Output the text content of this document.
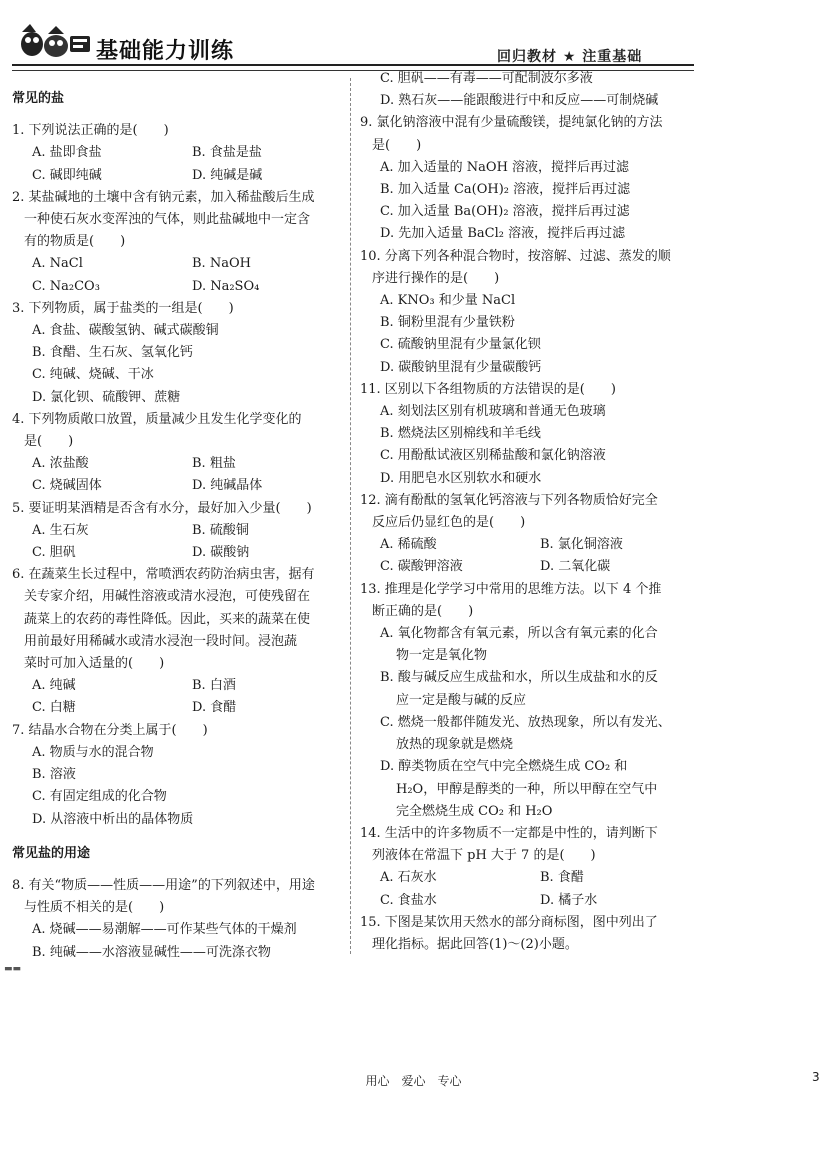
基础能力训练	回归教材 ★ 注重基础
常见的盐
1. 下列说法正确的是(　　)
A. 盐即食盐	B. 食盐是盐
C. 碱即纯碱	D. 纯碱是碱
2. 某盐碱地的土壤中含有钠元素，加入稀盐酸后生成
一种使石灰水变浑浊的气体，则此盐碱地中一定含
有的物质是(　　)
A. NaCl	B. NaOH
C. Na₂CO₃	D. Na₂SO₄
3. 下列物质，属于盐类的一组是(　　)
A. 食盐、碳酸氢钠、碱式碳酸铜
B. 食醋、生石灰、氢氧化钙
C. 纯碱、烧碱、干冰
D. 氯化钡、硫酸钾、蔗糖
4. 下列物质敞口放置，质量减少且发生化学变化的
是(　　)
A. 浓盐酸	B. 粗盐
C. 烧碱固体	D. 纯碱晶体
5. 要证明某酒精是否含有水分，最好加入少量(　　)
A. 生石灰	B. 硫酸铜
C. 胆矾	D. 碳酸钠
6. 在蔬菜生长过程中，常喷洒农药防治病虫害，据有
关专家介绍，用碱性溶液或清水浸泡，可使残留在
蔬菜上的农药的毒性降低。因此，买来的蔬菜在使
用前最好用稀碱水或清水浸泡一段时间。浸泡蔬
菜时可加入适量的(　　)
A. 纯碱	B. 白酒
C. 白糖	D. 食醋
7. 结晶水合物在分类上属于(　　)
A. 物质与水的混合物
B. 溶液
C. 有固定组成的化合物
D. 从溶液中析出的晶体物质
常见盐的用途
8. 有关“物质——性质——用途”的下列叙述中，用途
与性质不相关的是(　　)
A. 烧碱——易潮解——可作某些气体的干燥剂
B. 纯碱——水溶液显碱性——可洗涤衣物
C. 胆矾——有毒——可配制波尔多液
D. 熟石灰——能跟酸进行中和反应——可制烧碱
9. 氯化钠溶液中混有少量硫酸镁，提纯氯化钠的方法
是(　　)
A. 加入适量的 NaOH 溶液，搅拌后再过滤
B. 加入适量 Ca(OH)₂ 溶液，搅拌后再过滤
C. 加入适量 Ba(OH)₂ 溶液，搅拌后再过滤
D. 先加入适量 BaCl₂ 溶液，搅拌后再过滤
10. 分离下列各种混合物时，按溶解、过滤、蒸发的顺
序进行操作的是(　　)
A. KNO₃ 和少量 NaCl
B. 铜粉里混有少量铁粉
C. 硫酸钠里混有少量氯化钡
D. 碳酸钠里混有少量碳酸钙
11. 区别以下各组物质的方法错误的是(　　)
A. 刻划法区别有机玻璃和普通无色玻璃
B. 燃烧法区别棉线和羊毛线
C. 用酚酞试液区别稀盐酸和氯化钠溶液
D. 用肥皂水区别软水和硬水
12. 滴有酚酞的氢氧化钙溶液与下列各物质恰好完全
反应后仍显红色的是(　　)
A. 稀硫酸	B. 氯化铜溶液
C. 碳酸钾溶液	D. 二氧化碳
13. 推理是化学学习中常用的思维方法。以下 4 个推
断正确的是(　　)
A. 氧化物都含有氧元素，所以含有氧元素的化合
物一定是氧化物
B. 酸与碱反应生成盐和水，所以生成盐和水的反
应一定是酸与碱的反应
C. 燃烧一般都伴随发光、放热现象，所以有发光、
放热的现象就是燃烧
D. 醇类物质在空气中完全燃烧生成 CO₂ 和
H₂O，甲醇是醇类的一种，所以甲醇在空气中
完全燃烧生成 CO₂ 和 H₂O
14. 生活中的许多物质不一定都是中性的，请判断下
列液体在常温下 pH 大于 7 的是(　　)
A. 石灰水	B. 食醋
C. 食盐水	D. 橘子水
15. 下图是某饮用天然水的部分商标图，图中列出了
理化指标。据此回答(1)～(2)小题。
▬▬
用心　爱心　专心	3
